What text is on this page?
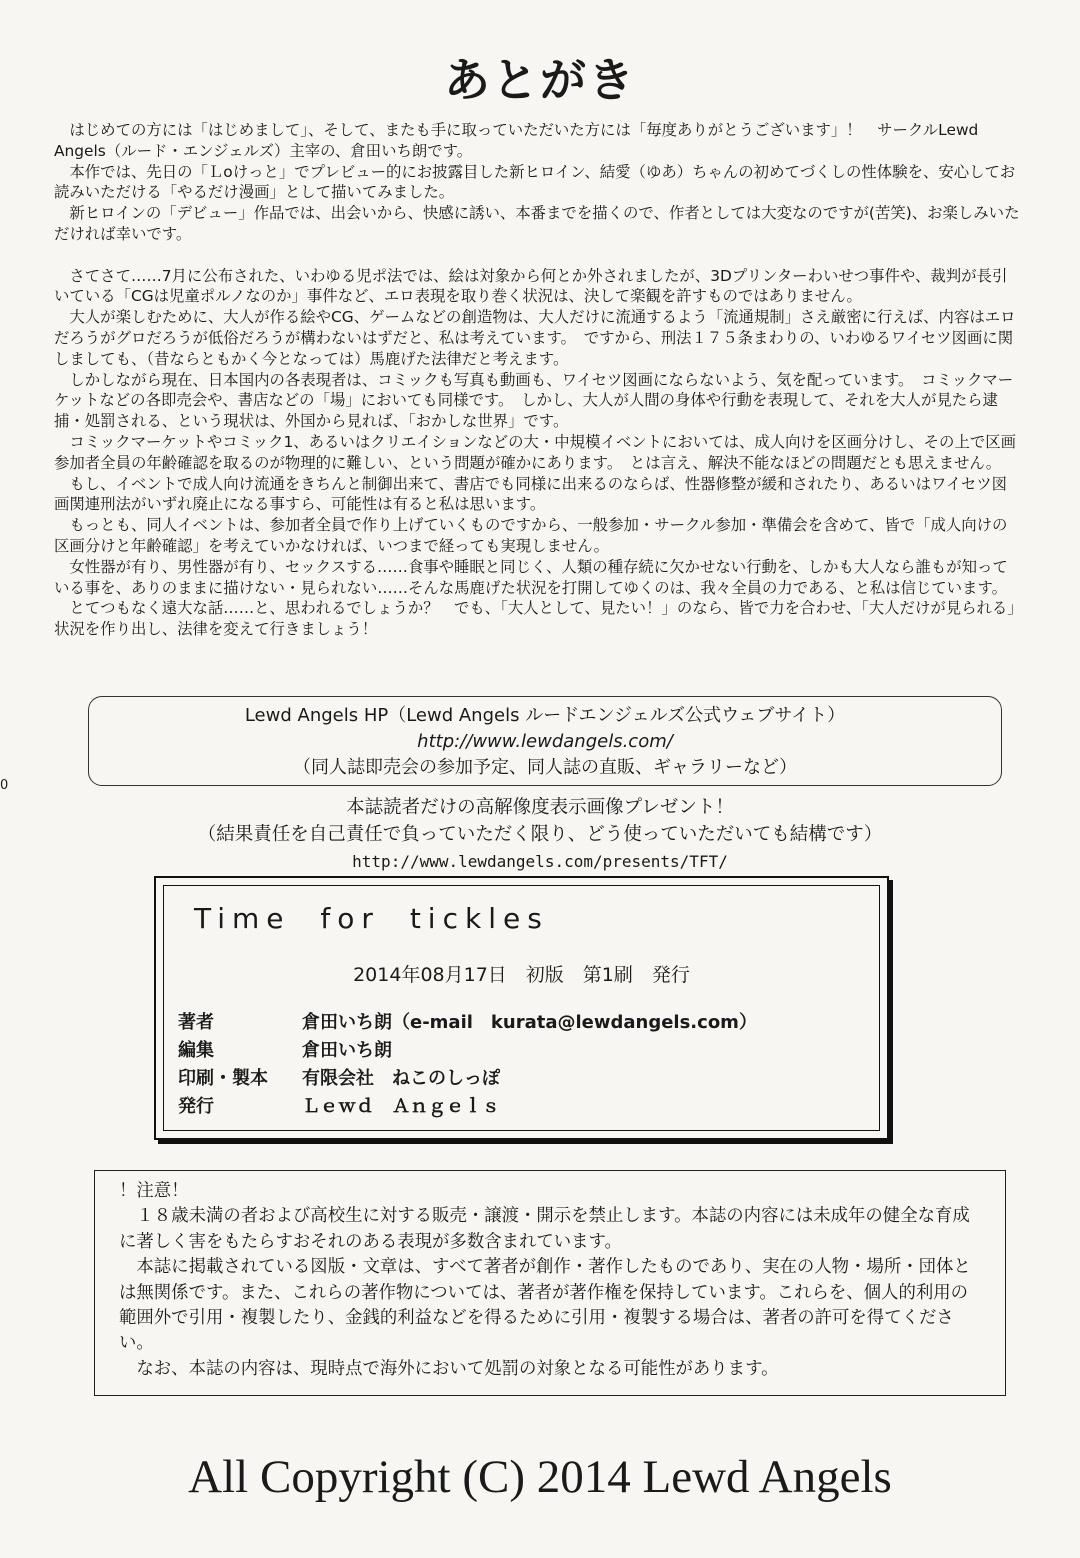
あとがき

はじめての方には「はじめまして」、そして、またも手に取っていただいた方には「毎度ありがとうございます」！　サークルLewd Angels（ルード・エンジェルズ）主宰の、倉田いち朗です。

本作では、先日の「Ｌoけっと」でプレビュー的にお披露目した新ヒロイン、結愛（ゆあ）ちゃんの初めてづくしの性体験を、安心してお読みいただける「やるだけ漫画」として描いてみました。

新ヒロインの「デビュー」作品では、出会いから、快感に誘い、本番までを描くので、作者としては大変なのですが(苦笑)、お楽しみいただければ幸いです。

さてさて……7月に公布された、いわゆる児ポ法では、絵は対象から何とか外されましたが、3Dプリンターわいせつ事件や、裁判が長引いている「CGは児童ポルノなのか」事件など、エロ表現を取り巻く状況は、決して楽観を許すものではありません。

大人が楽しむために、大人が作る絵やCG、ゲームなどの創造物は、大人だけに流通するよう「流通規制」さえ厳密に行えば、内容はエロだろうがグロだろうが低俗だろうが構わないはずだと、私は考えています。　ですから、刑法１７５条まわりの、いわゆるワイセツ図画に関しましても、（昔ならともかく今となっては）馬鹿げた法律だと考えます。

しかしながら現在、日本国内の各表現者は、コミックも写真も動画も、ワイセツ図画にならないよう、気を配っています。　コミックマーケットなどの各即売会や、書店などの「場」においても同様です。　しかし、大人が人間の身体や行動を表現して、それを大人が見たら逮捕・処罰される、という現状は、外国から見れば、「おかしな世界」です。

コミックマーケットやコミック1、あるいはクリエイションなどの大・中規模イベントにおいては、成人向けを区画分けし、その上で区画参加者全員の年齢確認を取るのが物理的に難しい、という問題が確かにあります。　とは言え、解決不能なほどの問題だとも思えません。

もし、イベントで成人向け流通をきちんと制御出来て、書店でも同様に出来るのならば、性器修整が緩和されたり、あるいはワイセツ図画関連刑法がいずれ廃止になる事すら、可能性は有ると私は思います。

もっとも、同人イベントは、参加者全員で作り上げていくものですから、一般参加・サークル参加・準備会を含めて、皆で「成人向けの区画分けと年齢確認」を考えていかなければ、いつまで経っても実現しません。

女性器が有り、男性器が有り、セックスする……食事や睡眠と同じく、人類の種存続に欠かせない行動を、しかも大人なら誰もが知っている事を、ありのままに描けない・見られない……そんな馬鹿げた状況を打開してゆくのは、我々全員の力である、と私は信じています。

とてつもなく遠大な話……と、思われるでしょうか？　でも、「大人として、見たい！」のなら、皆で力を合わせ、「大人だけが見られる」状況を作り出し、法律を変えて行きましょう！

Lewd Angels HP（Lewd Angels ルードエンジェルズ公式ウェブサイト）
http://www.lewdangels.com/
（同人誌即売会の参加予定、同人誌の直販、ギャラリーなど）
0
本誌読者だけの高解像度表示画像プレゼント！
（結果責任を自己責任で負っていただく限り、どう使っていただいても結構です）
http://www.lewdangels.com/presents/TFT/
Time for tickles
2014年08月17日　初版　第1刷　発行
著者	倉田いち朗（e-mail　kurata@lewdangels.com）
編集	倉田いち朗
印刷・製本 有限会社　ねこのしっぽ
発行	Ｌｅｗｄ　Ａｎｇｅｌｓ

！注意！

１８歳未満の者および高校生に対する販売・譲渡・開示を禁止します。本誌の内容には未成年の健全な育成に著しく害をもたらすおそれのある表現が多数含まれています。

本誌に掲載されている図版・文章は、すべて著者が創作・著作したものであり、実在の人物・場所・団体とは無関係です。また、これらの著作物については、著者が著作権を保持しています。これらを、個人的利用の範囲外で引用・複製したり、金銭的利益などを得るために引用・複製する場合は、著者の許可を得てください。

なお、本誌の内容は、現時点で海外において処罰の対象となる可能性があります。

All Copyright (C) 2014 Lewd Angels
